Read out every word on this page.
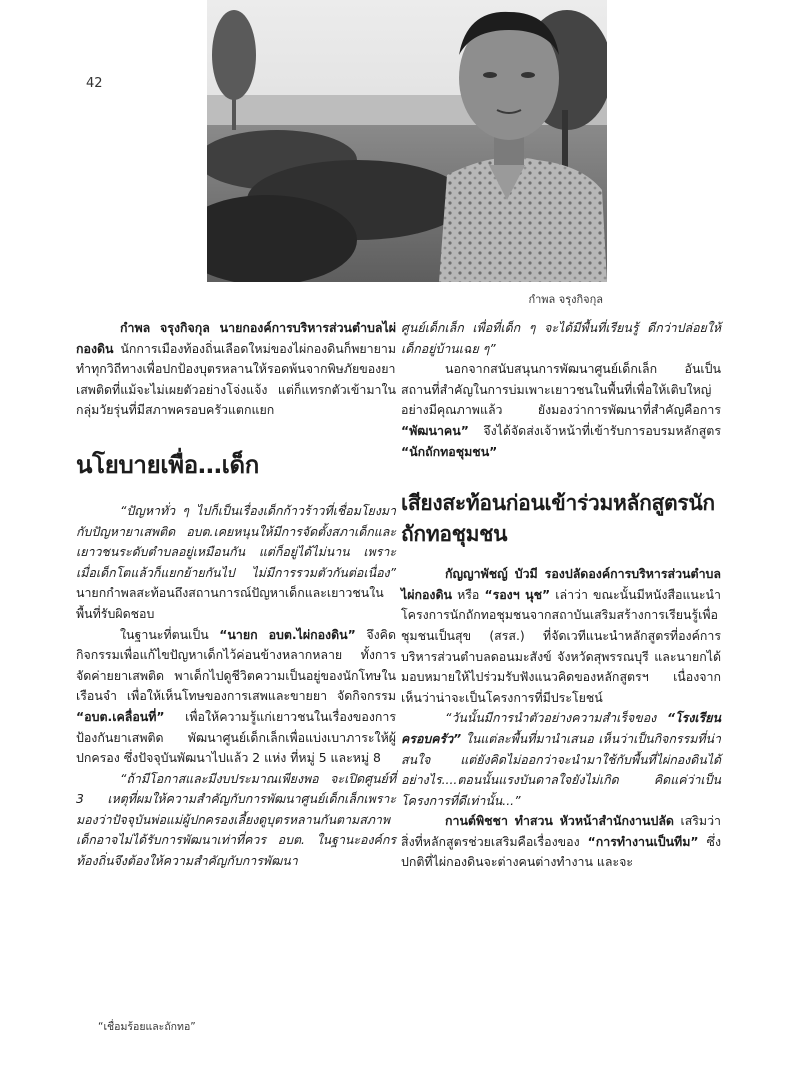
42
กำพล จรุงกิจกุล

กำพล จรุงกิจกุล นายกองค์การบริหารส่วนตำบลไผ่กองดิน นักการเมืองท้องถิ่นเลือดใหม่ของไผ่กองดินก็พยายามทำทุกวิถีทางเพื่อปกป้องบุตรหลานให้รอดพ้นจากพิษภัยของยาเสพติดที่แม้จะไม่เผยตัวอย่างโจ่งแจ้ง แต่ก็แทรกตัวเข้ามาในกลุ่มวัยรุ่นที่มีสภาพครอบครัวแตกแยก

นโยบายเพื่อ…เด็ก

“ปัญหาทั่ว ๆ ไปก็เป็นเรื่องเด็กก้าวร้าวที่เชื่อมโยงมากับปัญหายาเสพติด อบต.เคยหนุนให้มีการจัดตั้งสภาเด็กและเยาวชนระดับตำบลอยู่เหมือนกัน แต่ก็อยู่ได้ไม่นาน เพราะเมื่อเด็กโตแล้วก็แยกย้ายกันไป ไม่มีการรวมตัวกันต่อเนื่อง” นายกกำพลสะท้อนถึงสถานการณ์ปัญหาเด็กและเยาวชนในพื้นที่รับผิดชอบ

ในฐานะที่ตนเป็น “นายก อบต.ไผ่กองดิน” จึงคิดกิจกรรมเพื่อแก้ไขปัญหาเด็กไว้ค่อนข้างหลากหลาย ทั้งการจัดค่ายยาเสพติด พาเด็กไปดูชีวิตความเป็นอยู่ของนักโทษในเรือนจำ เพื่อให้เห็นโทษของการเสพและขายยา จัดกิจกรรม “อบต.เคลื่อนที่” เพื่อให้ความรู้แก่เยาวชนในเรื่องของการป้องกันยาเสพติด พัฒนาศูนย์เด็กเล็กเพื่อแบ่งเบาภาระให้ผู้ปกครอง ซึ่งปัจจุบันพัฒนาไปแล้ว 2 แห่ง ที่หมู่ 5 และหมู่ 8

“ถ้ามีโอกาสและมีงบประมาณเพียงพอ จะเปิดศูนย์ที่ 3 เหตุที่ผมให้ความสำคัญกับการพัฒนาศูนย์เด็กเล็กเพราะมองว่าปัจจุบันพ่อแม่ผู้ปกครองเลี้ยงดูบุตรหลานกันตามสภาพ เด็กอาจไม่ได้รับการพัฒนาเท่าที่ควร อบต. ในฐานะองค์กรท้องถิ่นจึงต้องให้ความสำคัญกับการพัฒนา

ศูนย์เด็กเล็ก เพื่อที่เด็ก ๆ จะได้มีพื้นที่เรียนรู้ ดีกว่าปล่อยให้เด็กอยู่บ้านเฉย ๆ”

นอกจากสนับสนุนการพัฒนาศูนย์เด็กเล็ก อันเป็นสถานที่สำคัญในการบ่มเพาะเยาวชนในพื้นที่เพื่อให้เติบใหญ่อย่างมีคุณภาพแล้ว ยังมองว่าการพัฒนาที่สำคัญคือการ “พัฒนาคน” จึงได้จัดส่งเจ้าหน้าที่เข้ารับการอบรมหลักสูตร “นักถักทอชุมชน”

เสียงสะท้อนก่อนเข้าร่วมหลักสูตรนักถักทอชุมชน

กัญญาพัชญ์ บัวมี รองปลัดองค์การบริหารส่วนตำบลไผ่กองดิน หรือ “รองฯ นุช” เล่าว่า ขณะนั้นมีหนังสือแนะนำโครงการนักถักทอชุมชนจากสถาบันเสริมสร้างการเรียนรู้เพื่อชุมชนเป็นสุข (สรส.) ที่จัดเวทีแนะนำหลักสูตรที่องค์การบริหารส่วนตำบลดอนมะสังข์ จังหวัดสุพรรณบุรี และนายกได้มอบหมายให้ไปร่วมรับฟังแนวคิดของหลักสูตรฯ เนื่องจากเห็นว่าน่าจะเป็นโครงการที่มีประโยชน์

“วันนั้นมีการนำตัวอย่างความสำเร็จของ “โรงเรียนครอบครัว” ในแต่ละพื้นที่มานำเสนอ เห็นว่าเป็นกิจกรรมที่น่าสนใจ แต่ยังคิดไม่ออกว่าจะนำมาใช้กับพื้นที่ไผ่กองดินได้อย่างไร....ตอนนั้นแรงบันดาลใจยังไม่เกิด คิดแค่ว่าเป็นโครงการที่ดีเท่านั้น...”

กานต์พิชชา ทำสวน หัวหน้าสำนักงานปลัด เสริมว่า สิ่งที่หลักสูตรช่วยเสริมคือเรื่องของ “การทำงานเป็นทีม” ซึ่งปกติที่ไผ่กองดินจะต่างคนต่างทำงาน และจะ

“เชื่อมร้อยและถักทอ”
